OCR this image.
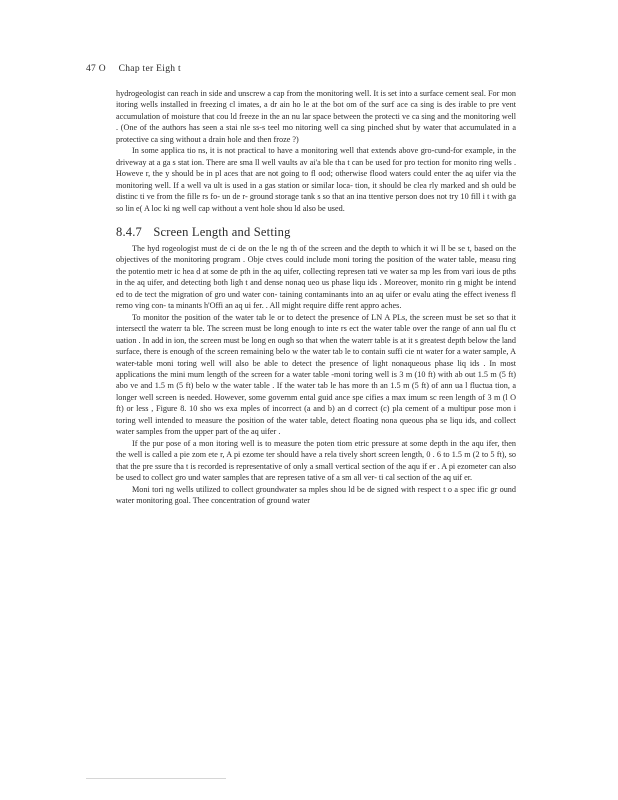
47 O Chap ter Eigh t

hydrogeologist can reach in side and unscrew a cap from the monitoring well. It is set into a surface cement seal. For mon itoring wells installed in freezing cl imates, a dr ain ho le at the bot om of the surf ace ca sing is des irable to pre vent accumulation of moisture that cou ld freeze in the an nu lar space between the protecti ve ca sing and the monitoring well . (One of the authors has seen a stai nle ss-s teel mo nitoring well ca sing pinched shut by water that accumulated in a protective ca sing without a drain hole and then froze ?)

In some applica tio ns, it is not practical to have a monitoring well that extends above gro-cund-for example, in the driveway at a ga s stat ion. There are sma ll well vaults av ai'a ble tha t can be used for pro tection for monito ring wells . Howeve r, the y should be in pl aces that are not going to fl ood; otherwise flood waters could enter the aq uifer via the monitoring well. If a well va ult is used in a gas station or similar loca- tion, it should be clea rly marked and sh ould be distinc ti ve from the fille rs fo- un de r- ground storage tank s so that an ina ttentive person does not try 10 fill i t with ga so lin e( A loc ki ng well cap without a vent hole shou ld also be used.

8.4.7 Screen Length and Setting

The hyd rogeologist must de ci de on the le ng th of the screen and the depth to which it wi ll be se t, based on the objectives of the monitoring program . Obje ctves could include moni toring the position of the water table, measu ring the potentio metr ic hea d at some de pth in the aq uifer, collecting represen tati ve water sa mp les from vari ious de pths in the aq uifer, and detecting both ligh t and dense nonaq ueo us phase liqu ids . Moreover, monito rin g might be intend ed to de tect the migration of gro und water con- taining contaminants into an aq uifer or evalu ating the effect iveness fl remo ving con- ta minants h'Offi an aq ui fer. . All might require diffe rent appro aches.

To monitor the position of the water tab le or to detect the presence of LN A PLs, the screen must be set so that it intersectl the waterr ta ble. The screen must be long enough to inte rs ect the water table over the range of ann ual flu ct uation . In add in ion, the screen must be long en ough so that when the waterr table is at it s greatest depth below the land surface, there is enough of the screen remaining belo w the water tab le to contain suffi cie nt water for a water sample, A water-table moni toring well will also be able to detect the presence of light nonaqueous phase liq ids . In most applications the mini mum length of the screen for a water table -moni toring well is 3 m (10 ft) with ab out 1.5 m (5 ft) abo ve and 1.5 m (5 ft) belo w the water table . If the water tab le has more th an 1.5 m (5 ft) of ann ua l fluctua tion, a longer well screen is needed. However, some governm ental guid ance spe cifies a max imum sc reen length of 3 m (l O ft) or less , Figure 8. 10 sho ws exa mples of incorrect (a and b) an d correct (c) pla cement of a multipur pose mon i toring well intended to measure the position of the water table, detect floating nona queous pha se liqu ids, and collect water samples from the upper part of the aq uifer .

If the pur pose of a mon itoring well is to measure the poten tiom etric pressure at some depth in the aqu ifer, then the well is called a pie zom ete r, A pi ezome ter should have a rela tively short screen length, 0 . 6 to 1.5 m (2 to 5 ft), so that the pre ssure tha t is recorded is representative of only a small vertical section of the aqu if er . A pi ezometer can also be used to collect gro und water samples that are represen tative of a sm all ver- ti cal section of the aq uif er.

Moni tori ng wells utilized to collect groundwater sa mples shou ld be de signed with respect t o a spec ific gr ound water monitoring goal. Thee concentration of ground water
